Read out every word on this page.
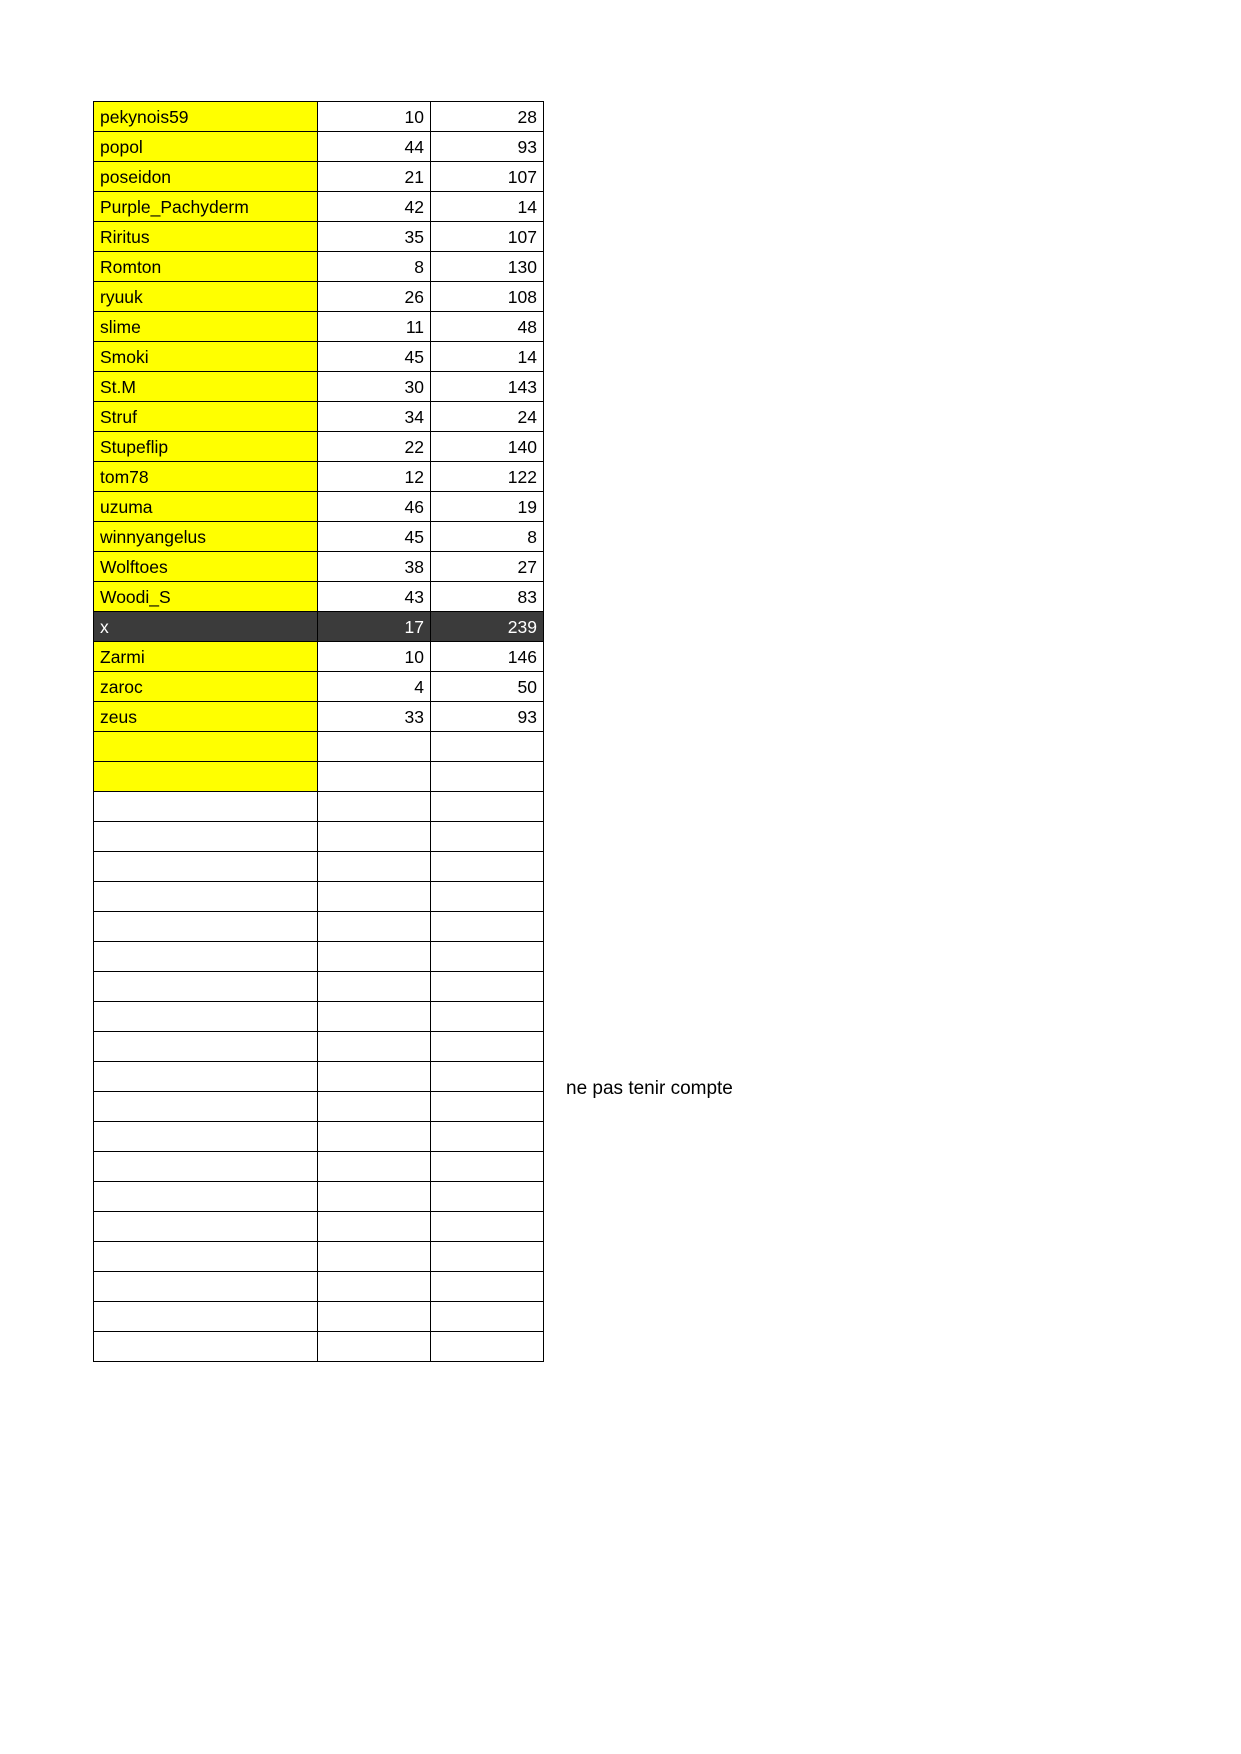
pekynois59	10	28
popol	44	93
poseidon	21	107
Purple_Pachyderm	42	14
Riritus	35	107
Romton	8	130
ryuuk	26	108
slime	11	48
Smoki	45	14
St.M	30	143
Struf	34	24
Stupeflip	22	140
tom78	12	122
uzuma	46	19
winnyangelus	45	8
Wolftoes	38	27
Woodi_S	43	83
x	17	239
Zarmi	10	146
zaroc	4	50
zeus	33	93

ne pas tenir compte
